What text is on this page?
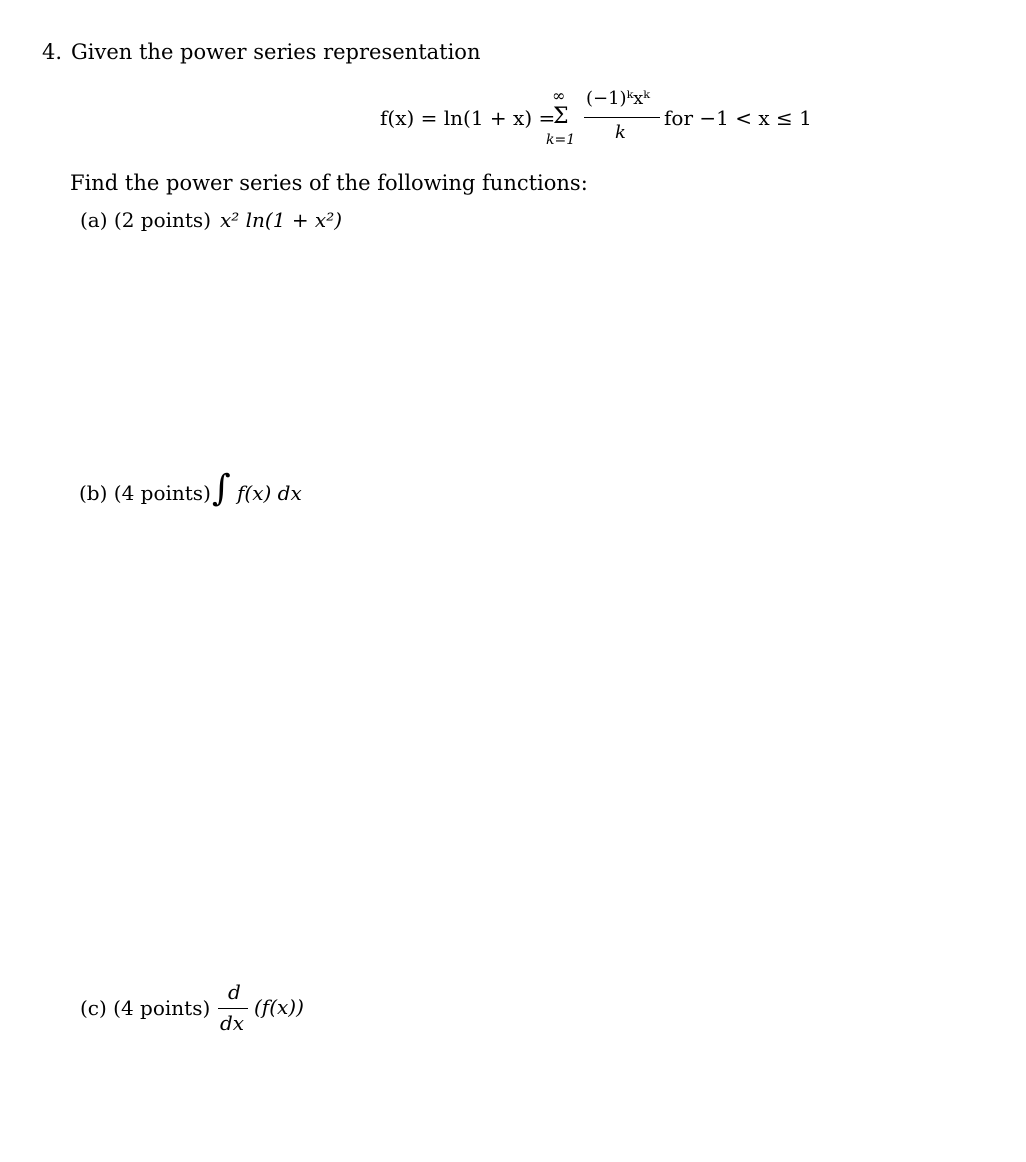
4. Given the power series representation
f(x) = ln(1 + x) =
∞
Σ
k=1
(−1)ᵏxᵏ
k
for −1 < x ≤ 1
Find the power series of the following functions:
(a) (2 points) x² ln(1 + x²)
(b) (4 points) ∫ f(x) dx
(c) (4 points)
d
dx
(f(x))
